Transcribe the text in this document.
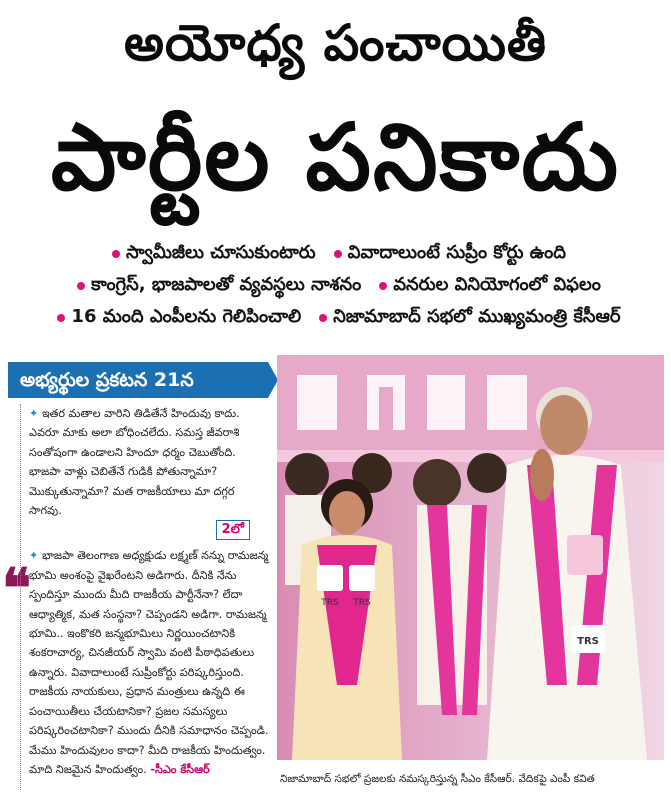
అయోధ్య పంచాయితీ
పార్టీల పనికాదు
స్వామీజీలు చూసుకుంటారు వివాదాలుంటే సుప్రీం కోర్టు ఉంది
కాంగ్రెస్, భాజపాలతో వ్యవస్థలు నాశనం వనరుల వినియోగంలో విఫలం
16 మంది ఎంపీలను గెలిపించాలి నిజామాబాద్ సభలో ముఖ్యమంత్రి కేసీఆర్
అభ్యర్థుల ప్రకటన 21న
❝

✦ ఇతర మతాల వారిని తిడితేనే హిందువు కాదు. ఎవరూ మాకు అలా బోధించలేదు. సమస్త జీవరాశి సంతోషంగా ఉండాలని హిందూ ధర్మం చెబుతోంది. భాజపా వాళ్లు చెబితేనే గుడికి పోతున్నామా? మొక్కుతున్నామా? మత రాజకీయాలు మా దగ్గర సాగవు.

2లో

✦ భాజపా తెలంగాణ అధ్యక్షుడు లక్ష్మణ్ నన్ను రామజన్మ భూమి అంశంపై వైఖరేంటని అడిగారు. దీనికి నేను స్పందిస్తూ ముందు మీది రాజకీయ పార్టీనేనా? లేదా ఆధ్యాత్మిక, మత సంస్థనా? చెప్పండని అడిగా. రామజన్మ భూమి.. ఇంకొకరి జన్మభూమిలు నిర్ణయించటానికి శంకరాచార్య, చినజీయర్ స్వామి వంటి పీఠాధిపతులు ఉన్నారు. వివాదాలుంటే సుప్రీంకోర్టు పరిష్కరిస్తుంది. రాజకీయ నాయకులు, ప్రధాన మంత్రులు ఉన్నది ఈ పంచాయితీలు చేయటానికా? ప్రజల సమస్యలు పరిష్కరించటానికా? ముందు దీనికి సమాధానం చెప్పండి. మేము హిందువులం కాదా? మీది రాజకీయ హిందుత్వం. మాది నిజమైన హిందుత్వం. -సీఎం కేసీఆర్

TRS TRS
TRS
నిజామాబాద్ సభలో ప్రజలకు నమస్కరిస్తున్న సీఎం కేసీఆర్. వేదికపై ఎంపీ కవిత
